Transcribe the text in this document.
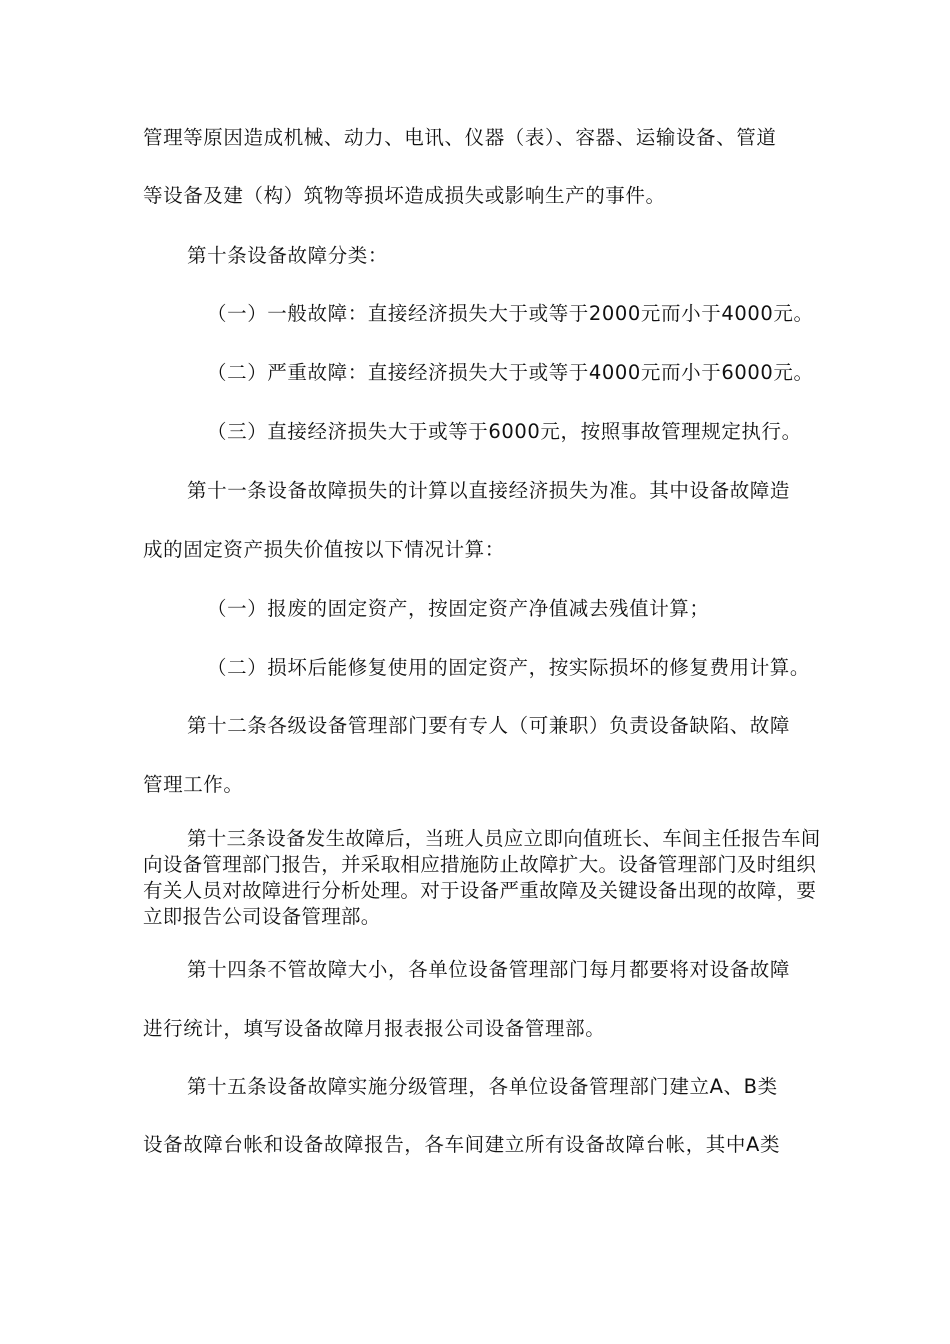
管理等原因造成机械、动力、电讯、仪器（表）、容器、运输设备、管道
等设备及建（构）筑物等损坏造成损失或影响生产的事件。
第十条设备故障分类：
（一）一般故障：直接经济损失大于或等于2000元而小于4000元。
（二）严重故障：直接经济损失大于或等于4000元而小于6000元。
（三）直接经济损失大于或等于6000元，按照事故管理规定执行。
第十一条设备故障损失的计算以直接经济损失为准。其中设备故障造
成的固定资产损失价值按以下情况计算：
（一）报废的固定资产，按固定资产净值减去残值计算；
（二）损坏后能修复使用的固定资产，按实际损坏的修复费用计算。
第十二条各级设备管理部门要有专人（可兼职）负责设备缺陷、故障
管理工作。
第十三条设备发生故障后，当班人员应立即向值班长、车间主任报告车间向设备管理部门报告，并采取相应措施防止故障扩大。设备管理部门及时组织有关人员对故障进行分析处理。对于设备严重故障及关键设备出现的故障，要立即报告公司设备管理部。
第十四条不管故障大小，各单位设备管理部门每月都要将对设备故障
进行统计，填写设备故障月报表报公司设备管理部。
第十五条设备故障实施分级管理，各单位设备管理部门建立A、B类
设备故障台帐和设备故障报告，各车间建立所有设备故障台帐，其中A类
